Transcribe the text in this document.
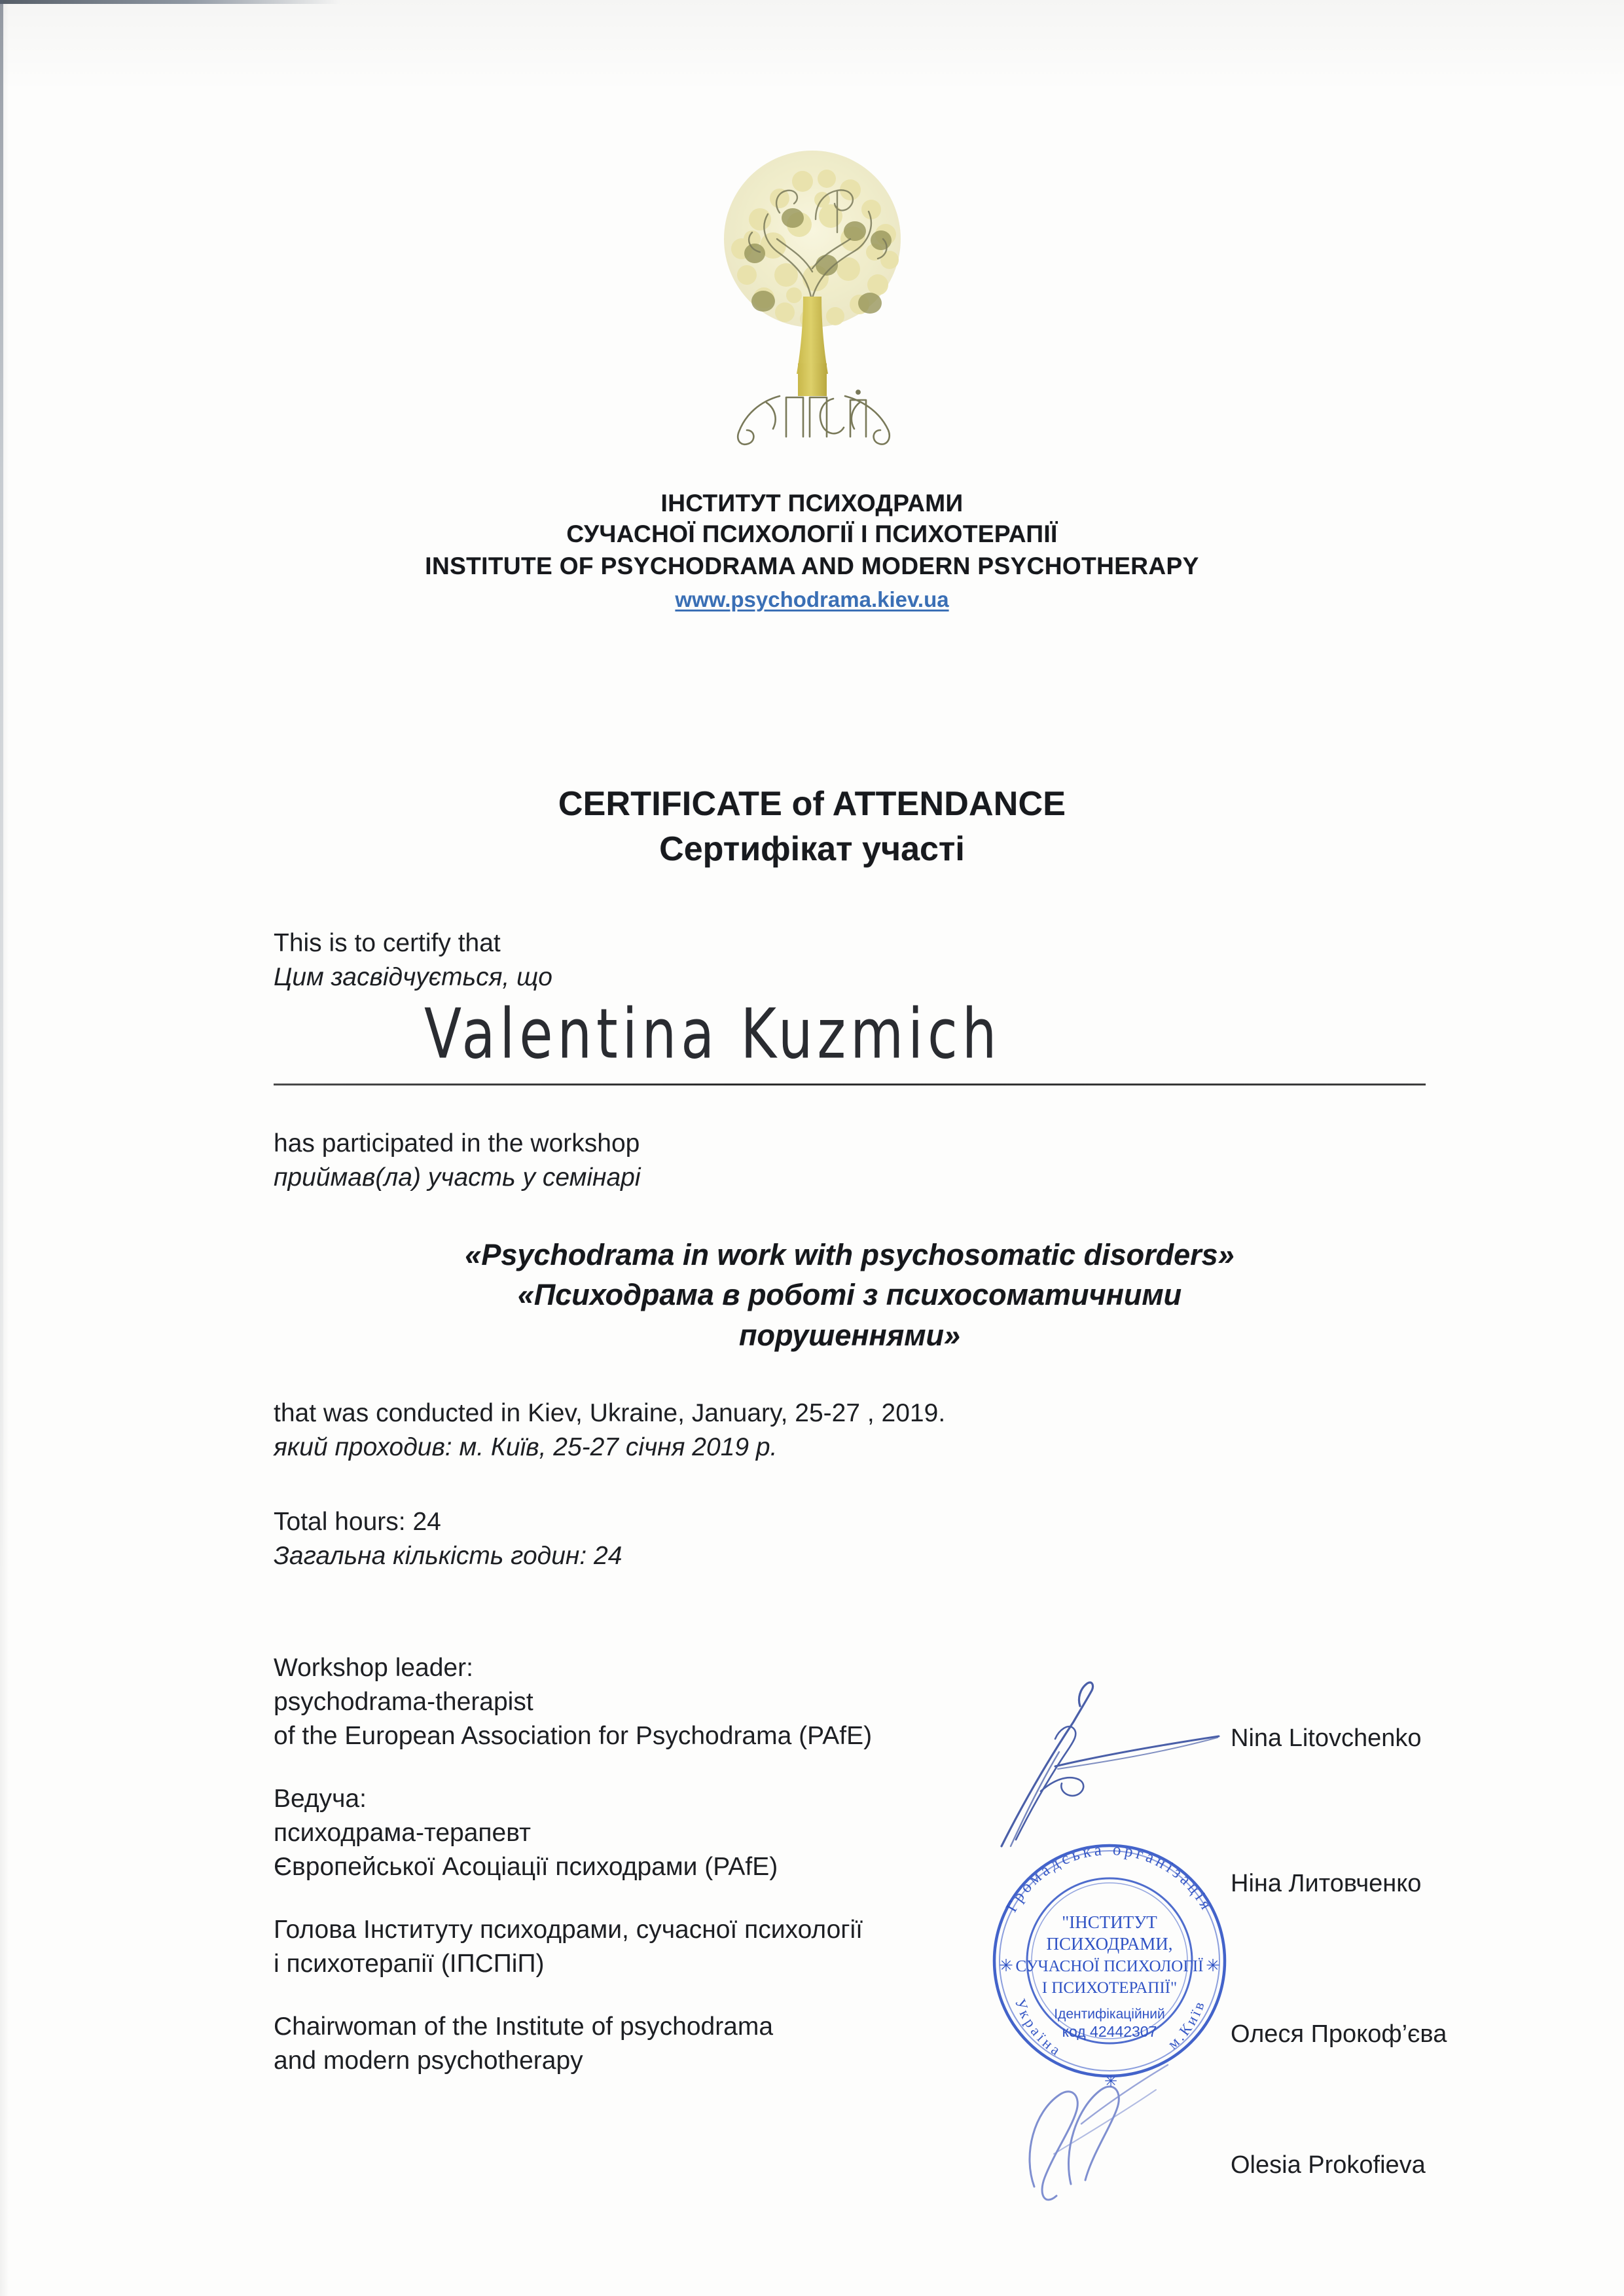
ІНСТИТУТ ПСИХОДРАМИ
СУЧАСНОЇ ПСИХОЛОГІЇ І ПСИХОТЕРАПІЇ
INSTITUTE OF PSYCHODRAMA AND MODERN PSYCHOTHERAPY
www.psychodrama.kiev.ua
CERTIFICATE of ATTENDANCE
Сертифікат участі
This is to certify that
Цим засвідчується, що
Valentina Kuzmich
has participated in the workshop
приймав(ла) участь у семінарі
«Psychodrama in work with psychosomatic disorders»
«Психодрама в роботі з психосоматичними
порушеннями»
that was conducted in Kiev, Ukraine, January, 25-27 , 2019.
який проходив: м. Київ, 25-27 січня 2019 р.
Total hours: 24
Загальна кількість годин: 24
Workshop leader:
psychodrama-therapist
of the European Association for Psychodrama (PAfE)
Ведуча:
психодрама-терапевт
Європейської Асоціації психодрами (PAfE)
Голова Інституту психодрами, сучасної психології
і психотерапії (ІПСПіП)
Chairwoman of the Institute of psychodrama
and modern psychotherapy
Nina Litovchenko
Ніна Литовченко
Олеся Прокоф’єва
Olesia Prokofieva
Громадська організація
Україна	м.Київ
✳	✳
✳
"ІНСТИТУТ
ПСИХОДРАМИ,
СУЧАСНОЇ ПСИХОЛОГІЇ
І ПСИХОТЕРАПІЇ"
Ідентифікаційний
код 42442307
